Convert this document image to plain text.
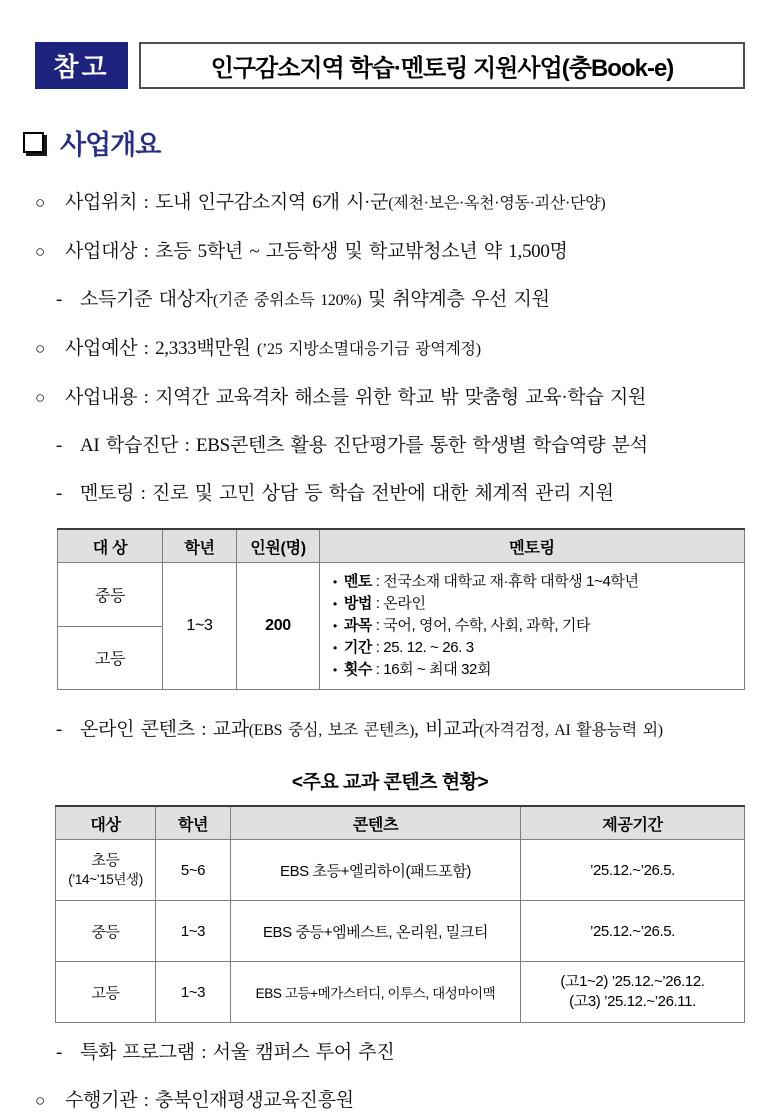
참고	인구감소지역 학습·멘토링 지원사업(충Book-e)
사업개요
○	사업위치 : 도내 인구감소지역 6개 시·군(제천·보은·옥천·영동·괴산·단양)
○	사업대상 : 초등 5학년 ~ 고등학생 및 학교밖청소년 약 1,500명
- 소득기준 대상자(기준 중위소득 120%) 및 취약계층 우선 지원
○	사업예산 : 2,333백만원 (’25 지방소멸대응기금 광역계정)
○	사업내용 : 지역간 교육격차 해소를 위한 학교 밖 맞춤형 교육·학습 지원
- AI 학습진단 : EBS콘텐츠 활용 진단평가를 통한 학생별 학습역량 분석
- 멘토링 : 진로 및 고민 상담 등 학습 전반에 대한 체계적 관리 지원
대 상	학년	인원(명)	멘토링
중등	1~3	200	• 멘토 : 전국소재 대학교 재·휴학 대학생 1~4학년
• 방법 : 온라인
• 과목 : 국어, 영어, 수학, 사회, 과학, 기타
• 기간 : 25. 12. ~ 26. 3
• 횟수 : 16회 ~ 최대 32회

고등			
- 온라인 콘텐츠 : 교과(EBS 중심, 보조 콘텐츠), 비교과(자격검정, AI 활용능력 외)
<주요 교과 콘텐츠 현황>
대상	학년	콘텐츠	제공기간

초등
(’14~’15년생)	5~6	EBS 초등+엘리하이(패드포함)	’25.12.~’26.5.
중등	1~3	EBS 중등+엠베스트, 온리원, 밀크티	’25.12.~’26.5.
고등	1~3	EBS 고등+메가스터디, 이투스, 대성마이맥	(고1~2) ’25.12.~’26.12.
(고3) ’25.12.~’26.11.
- 특화 프로그램 : 서울 캠퍼스 투어 추진
○	수행기관 : 충북인재평생교육진흥원
